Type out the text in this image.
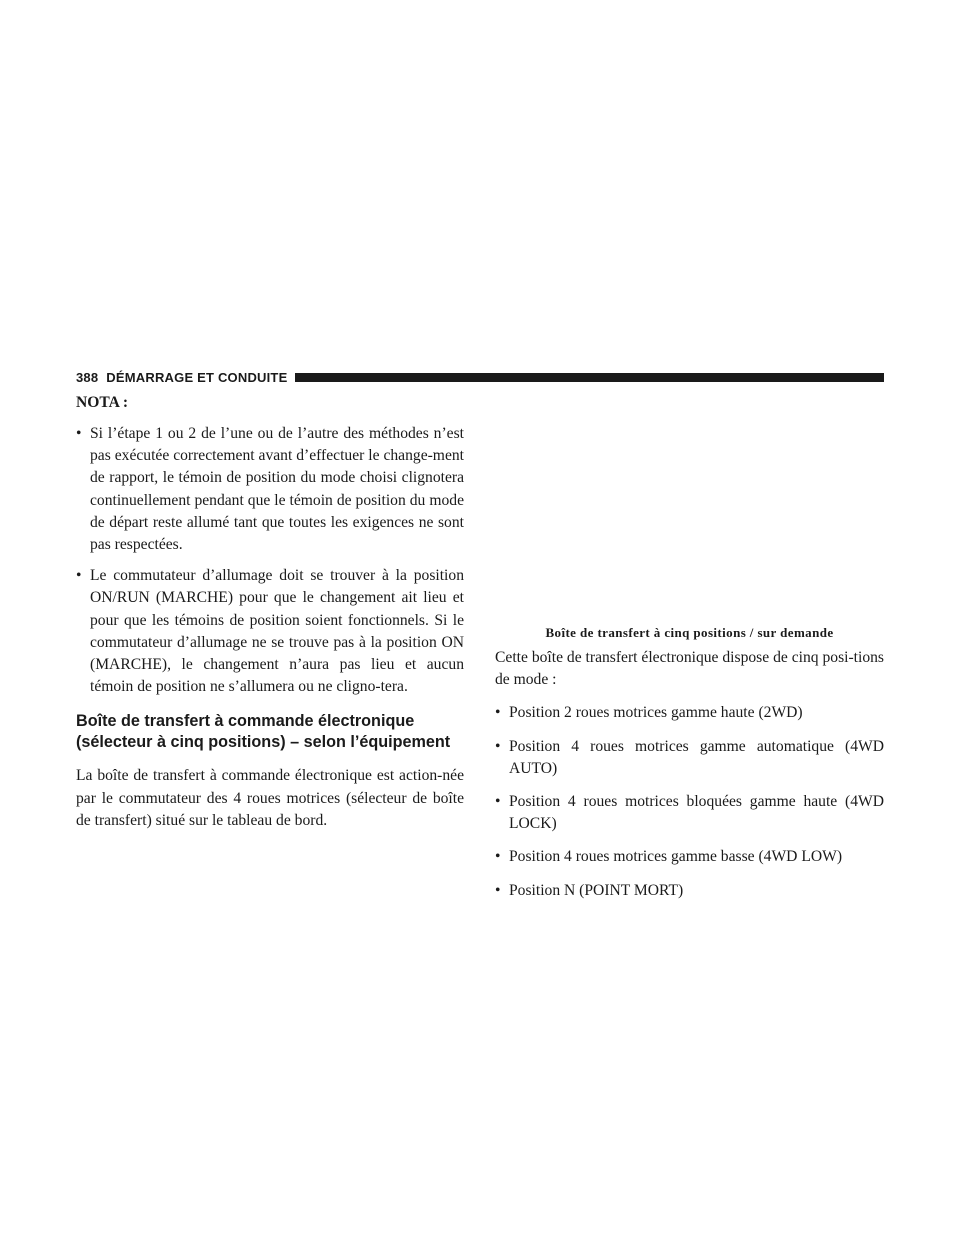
388 DÉMARRAGE ET CONDUITE

NOTA :

• Si l’étape 1 ou 2 de l’une ou de l’autre des méthodes n’est pas exécutée correctement avant d’effectuer le change-ment de rapport, le témoin de position du mode choisi clignotera continuellement pendant que le témoin de position du mode de départ reste allumé tant que toutes les exigences ne sont pas respectées.
• Le commutateur d’allumage doit se trouver à la position ON/RUN (MARCHE) pour que le changement ait lieu et pour que les témoins de position soient fonctionnels. Si le commutateur d’allumage ne se trouve pas à la position ON (MARCHE), le changement n’aura pas lieu et aucun témoin de position ne s’allumera ou ne cligno-tera.
Boîte de transfert à commande électronique
(sélecteur à cinq positions) – selon l’équipement

La boîte de transfert à commande électronique est action-née par le commutateur des 4 roues motrices (sélecteur de boîte de transfert) situé sur le tableau de bord.

Boîte de transfert à cinq positions / sur demande

Cette boîte de transfert électronique dispose de cinq posi-tions de mode :

• Position 2 roues motrices gamme haute (2WD)
• Position 4 roues motrices gamme automatique (4WD AUTO)
• Position 4 roues motrices bloquées gamme haute (4WD LOCK)
• Position 4 roues motrices gamme basse (4WD LOW)
• Position N (POINT MORT)
